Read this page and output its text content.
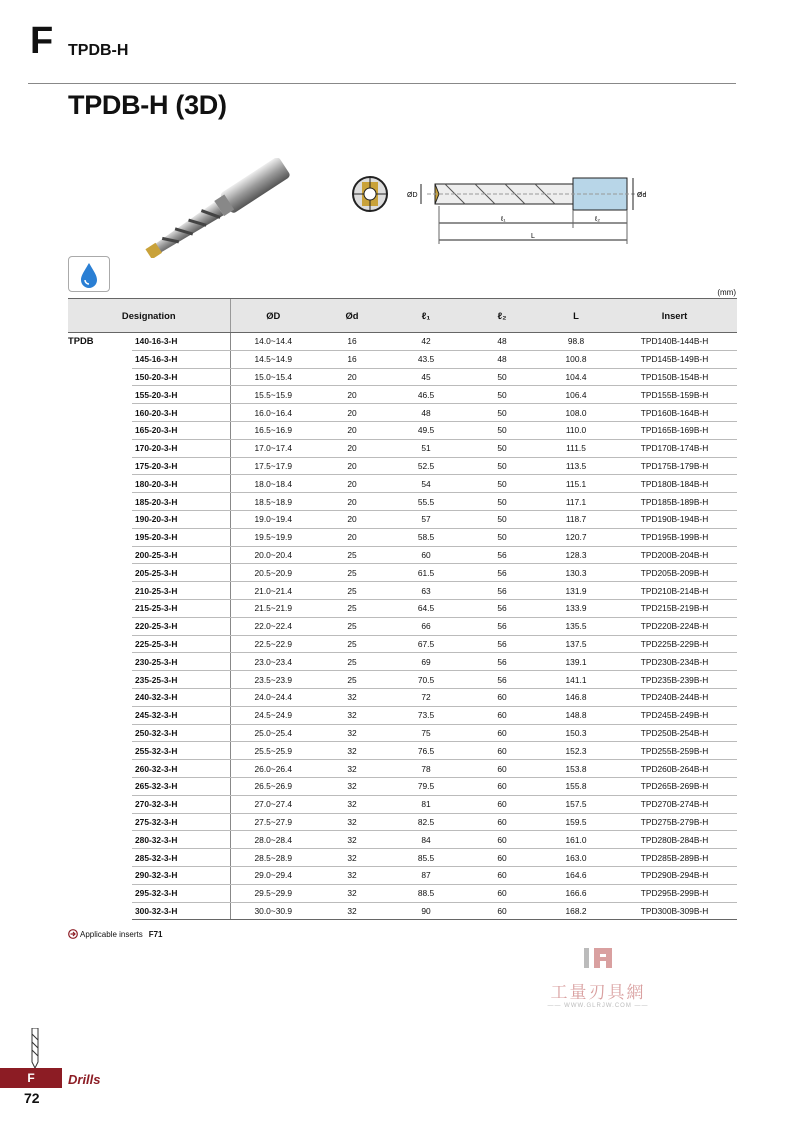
F TPDB-H
TPDB-H (3D)
ØD	Ød
ℓ₁	ℓ₂
L
(mm)
Designation		ØD	Ød	ℓ₁	ℓ₂	L	Insert
TPDB	140-16-3-H	14.0~14.4	16	42	48	98.8	TPD140B-144B-H
	145-16-3-H	14.5~14.9	16	43.5	48	100.8	TPD145B-149B-H
	150-20-3-H	15.0~15.4	20	45	50	104.4	TPD150B-154B-H
	155-20-3-H	15.5~15.9	20	46.5	50	106.4	TPD155B-159B-H
	160-20-3-H	16.0~16.4	20	48	50	108.0	TPD160B-164B-H
	165-20-3-H	16.5~16.9	20	49.5	50	110.0	TPD165B-169B-H
	170-20-3-H	17.0~17.4	20	51	50	111.5	TPD170B-174B-H
	175-20-3-H	17.5~17.9	20	52.5	50	113.5	TPD175B-179B-H
	180-20-3-H	18.0~18.4	20	54	50	115.1	TPD180B-184B-H
	185-20-3-H	18.5~18.9	20	55.5	50	117.1	TPD185B-189B-H
	190-20-3-H	19.0~19.4	20	57	50	118.7	TPD190B-194B-H
	195-20-3-H	19.5~19.9	20	58.5	50	120.7	TPD195B-199B-H
	200-25-3-H	20.0~20.4	25	60	56	128.3	TPD200B-204B-H
	205-25-3-H	20.5~20.9	25	61.5	56	130.3	TPD205B-209B-H
	210-25-3-H	21.0~21.4	25	63	56	131.9	TPD210B-214B-H
	215-25-3-H	21.5~21.9	25	64.5	56	133.9	TPD215B-219B-H
	220-25-3-H	22.0~22.4	25	66	56	135.5	TPD220B-224B-H
	225-25-3-H	22.5~22.9	25	67.5	56	137.5	TPD225B-229B-H
	230-25-3-H	23.0~23.4	25	69	56	139.1	TPD230B-234B-H
	235-25-3-H	23.5~23.9	25	70.5	56	141.1	TPD235B-239B-H
	240-32-3-H	24.0~24.4	32	72	60	146.8	TPD240B-244B-H
	245-32-3-H	24.5~24.9	32	73.5	60	148.8	TPD245B-249B-H
	250-32-3-H	25.0~25.4	32	75	60	150.3	TPD250B-254B-H
	255-32-3-H	25.5~25.9	32	76.5	60	152.3	TPD255B-259B-H
	260-32-3-H	26.0~26.4	32	78	60	153.8	TPD260B-264B-H
	265-32-3-H	26.5~26.9	32	79.5	60	155.8	TPD265B-269B-H
	270-32-3-H	27.0~27.4	32	81	60	157.5	TPD270B-274B-H
	275-32-3-H	27.5~27.9	32	82.5	60	159.5	TPD275B-279B-H
	280-32-3-H	28.0~28.4	32	84	60	161.0	TPD280B-284B-H
	285-32-3-H	28.5~28.9	32	85.5	60	163.0	TPD285B-289B-H
	290-32-3-H	29.0~29.4	32	87	60	164.6	TPD290B-294B-H
	295-32-3-H	29.5~29.9	32	88.5	60	166.6	TPD295B-299B-H
	300-32-3-H	30.0~30.9	32	90	60	168.2	TPD300B-309B-H
Applicable inserts F71
工量刃具網
—— WWW.GLRJW.COM ——
F	Drills
72
